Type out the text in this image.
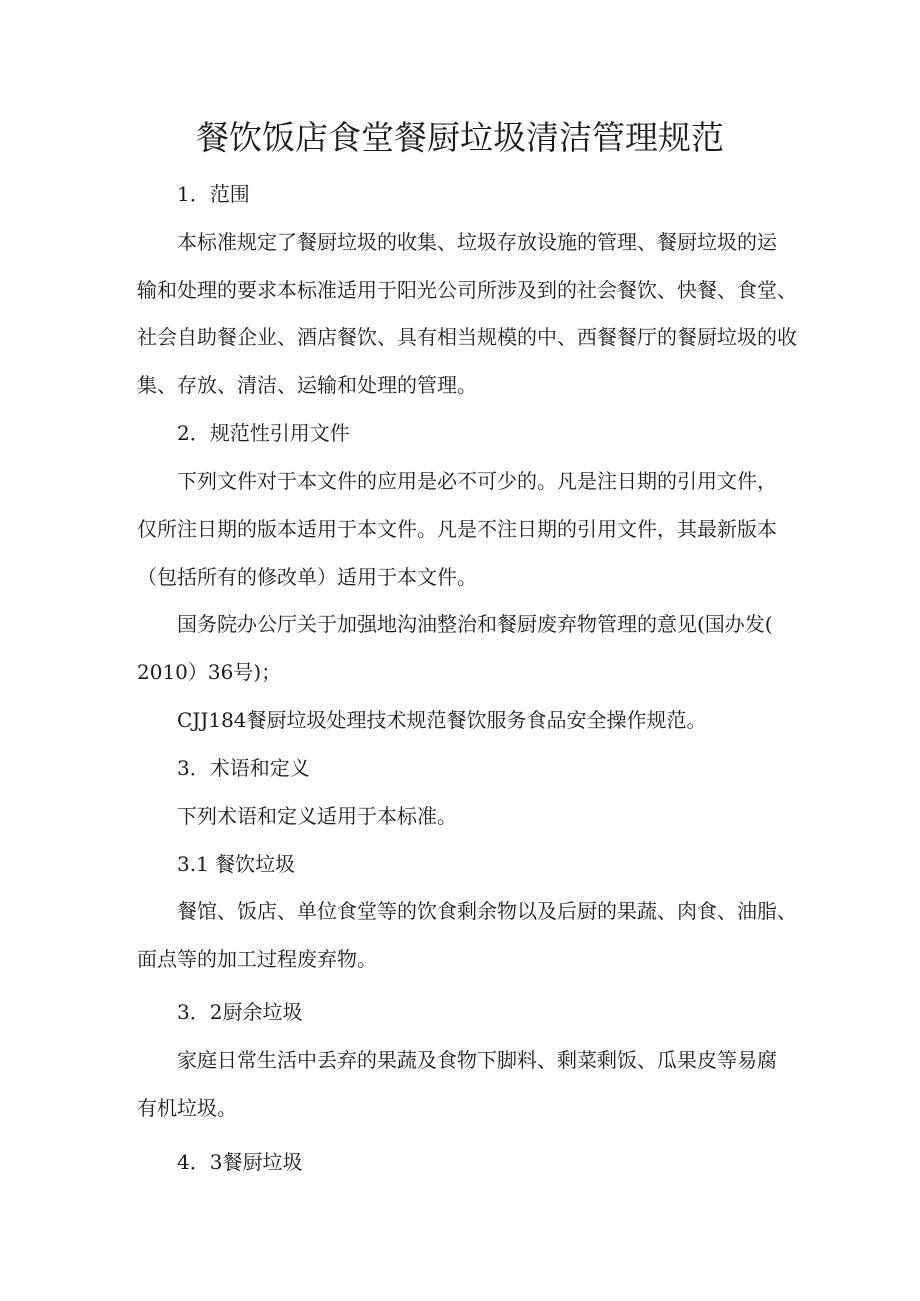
餐饮饭店食堂餐厨垃圾清洁管理规范

1．范围

本标准规定了餐厨垃圾的收集、垃圾存放设施的管理、餐厨垃圾的运

输和处理的要求本标准适用于阳光公司所涉及到的社会餐饮、快餐、食堂、

社会自助餐企业、酒店餐饮、具有相当规模的中、西餐餐厅的餐厨垃圾的收

集、存放、清洁、运输和处理的管理。

2．规范性引用文件

下列文件对于本文件的应用是必不可少的。凡是注日期的引用文件，

仅所注日期的版本适用于本文件。凡是不注日期的引用文件，其最新版本

（包括所有的修改单）适用于本文件。

国务院办公厅关于加强地沟油整治和餐厨废弃物管理的意见(国办发(

2010）36号)；

CJJ184餐厨垃圾处理技术规范餐饮服务食品安全操作规范。

3．术语和定义

下列术语和定义适用于本标准。

3.1 餐饮垃圾

餐馆、饭店、单位食堂等的饮食剩余物以及后厨的果蔬、肉食、油脂、

面点等的加工过程废弃物。

3．2厨余垃圾

家庭日常生活中丢弃的果蔬及食物下脚料、剩菜剩饭、瓜果皮等易腐

有机垃圾。

4．3餐厨垃圾
